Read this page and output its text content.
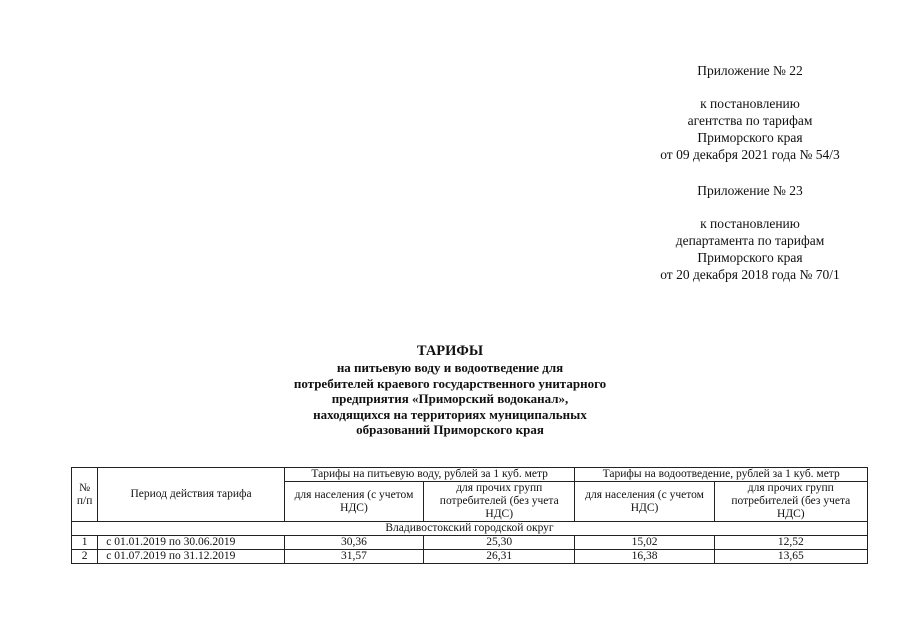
Приложение № 22
к постановлению
агентства по тарифам
Приморского края
от 09 декабря 2021 года № 54/3
Приложение № 23
к постановлению
департамента по тарифам
Приморского края
от 20 декабря 2018 года № 70/1
ТАРИФЫ
на питьевую воду и водоотведение для
потребителей краевого государственного унитарного
предприятия «Приморский водоканал»,
находящихся на территориях муниципальных
образований Приморского края
№ п/п	Период действия тарифа	Тарифы на питьевую воду, рублей за 1 куб. метр		Тарифы на водоотведение, рублей за 1 куб. метр	
		для населения (с учетом НДС)	для прочих групп потребителей (без учета НДС)	для населения (с учетом НДС)	для прочих групп потребителей (без учета НДС)
Владивостокский городской округ					
1	с 01.01.2019 по 30.06.2019	30,36	25,30	15,02	12,52
2	с 01.07.2019 по 31.12.2019	31,57	26,31	16,38	13,65
